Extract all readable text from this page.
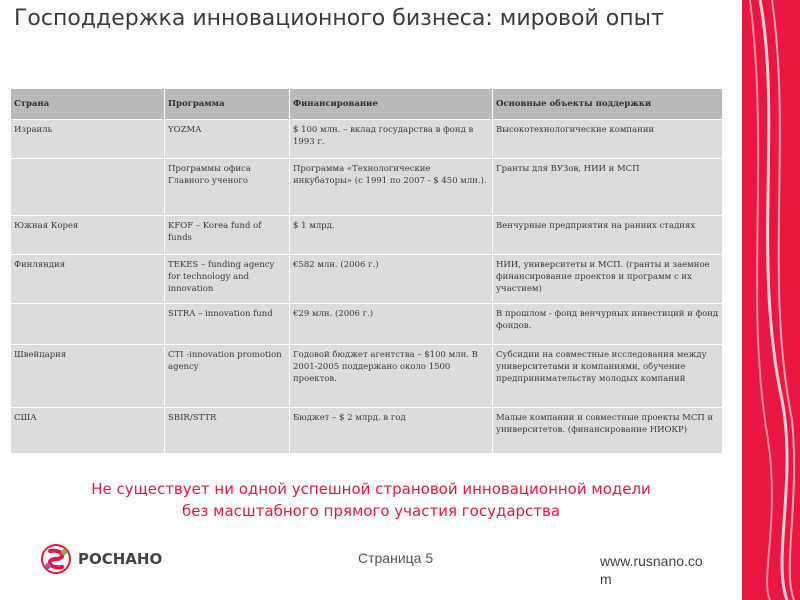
Господдержка инновационного бизнеса: мировой опыт
Страна	Программа	Финансирование	Основные объекты поддержки
Израиль	YOZMA	$ 100 млн. – вклад государства в фонд в 1993 г.	Высокотехнологические компании
	Программы офиса Главного ученого	Программа «Технологические инкубаторы» (с 1991 по 2007 - $ 450 млн.).	Гранты для ВУЗов, НИИ и МСП
Южная Корея	KFOF – Korea fund of funds	$ 1 млрд.	Венчурные предприятия на ранних стадиях
Финляндия	TEKES – funding agency for technology and innovation	€582 млн. (2006 г.)	НИИ, университеты и МСП. (гранты и заемное финансирование проектов и программ с их участием)
	SITRA – innovation fund	€29 млн. (2006 г.)	В прошлом - фонд венчурных инвестиций и фонд фондов.
Швейцария	CTI -innovation promotion agency	Годовой бюджет агентства – $100 млн. В 2001-2005 поддержано около 1500 проектов.	Субсидии на совместные исследования между университетами и компаниями, обучение предпринимательству молодых компаний
США	SBIR/STTR	Бюджет – $ 2 млрд. в год	Малые компании и совместные проекты МСП и университетов. (финансирование НИОКР)
Не существует ни одной успешной страновой инновационной модели
без масштабного прямого участия государства
РОСНАНО	Страница 5	www.rusnano.com
